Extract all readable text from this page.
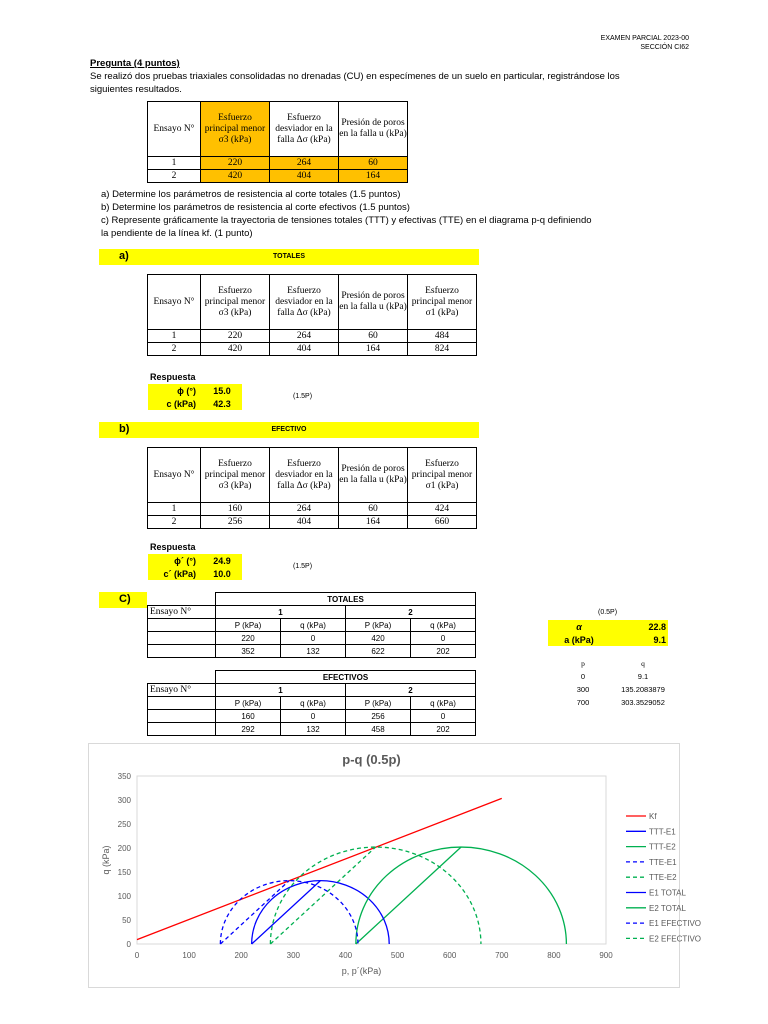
EXAMEN PARCIAL 2023-00
SECCIÓN CI62
Pregunta (4 puntos)
Se realizó dos pruebas triaxiales consolidadas no drenadas (CU) en especímenes de un suelo en particular, registrándose los
siguientes resultados.
Ensayo N°	Esfuerzo principal menor σ3 (kPa)	Esfuerzo desviador en la falla Δσ (kPa)	Presión de poros en la falla u (kPa)
1	220	264	60
2	420	404	164
a) Determine los parámetros de resistencia al corte totales (1.5 puntos)
b) Determine los parámetros de resistencia al corte efectivos (1.5 puntos)
c) Represente gráficamente la trayectoria de tensiones totales (TTT) y efectivas (TTE) en el diagrama p-q definiendo
la pendiente de la línea kf. (1 punto)
a)	TOTALES
Ensayo N°	Esfuerzo principal menor σ3 (kPa)	Esfuerzo desviador en la falla Δσ (kPa)	Presión de poros en la falla u (kPa)	Esfuerzo principal menor σ1 (kPa)
1	220	264	60	484
2	420	404	164	824
Respuesta
ϕ (°)	15.0
c (kPa)	42.3
(1.5P)
b)	EFECTIVO
Ensayo N°	Esfuerzo principal menor σ3 (kPa)	Esfuerzo desviador en la falla Δσ (kPa)	Presión de poros en la falla u (kPa)	Esfuerzo principal menor σ1 (kPa)
1	160	264	60	424
2	256	404	164	660
Respuesta
ϕ´ (°)	24.9
c´ (kPa)	10.0
(1.5P)
C)
		TOTALES			
Ensayo N°	1		2	
	P (kPa)	q (kPa)	P (kPa)	q (kPa)
	220	0	420	0
	352	132	622	202
	EFECTIVOS			
Ensayo N°	1		2	
	P (kPa)	q (kPa)	P (kPa)	q (kPa)
	160	0	256	0
	292	132	458	202
(0.5P)
α	22.8
a (kPa)	9.1
p	q
0	9.1
300	135.2083879
700	303.3529052
p-q (0.5p)
0	100	200	300	400	500	600	700	800	900
0
50
100
150
200
250
300
350
p, p´(kPa)
q (kPa)
Kf
TTT-E1
TTT-E2
TTE-E1
TTE-E2
E1 TOTAL
E2 TOTAL
E1 EFECTIVO
E2 EFECTIVO
